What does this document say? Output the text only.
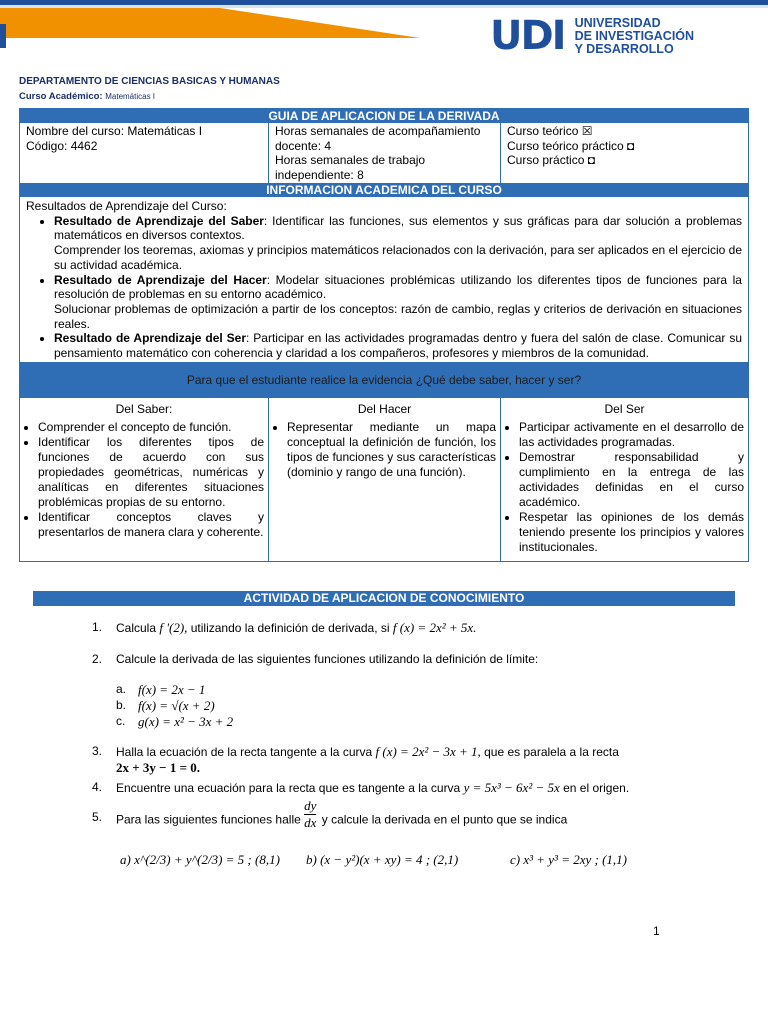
UDI UNIVERSIDAD
DE INVESTIGACIÓN
Y DESARROLLO
DEPARTAMENTO DE CIENCIAS BASICAS Y HUMANAS
Curso Académico: Matemáticas I
GUIA DE APLICACION DE LA DERIVADA
Nombre del curso: Matemáticas I
Código: 4462
Horas semanales de acompañamiento docente: 4
Horas semanales de trabajo independiente: 8
Curso teórico ☒
Curso teórico práctico ◘
Curso práctico ◘
INFORMACION ACADEMICA DEL CURSO
Resultados de Aprendizaje del Curso:
• Resultado de Aprendizaje del Saber: Identificar las funciones, sus elementos y sus gráficas para dar solución a problemas matemáticos en diversos contextos.

Comprender los teoremas, axiomas y principios matemáticos relacionados con la derivación, para ser aplicados en el ejercicio de su actividad académica.

• Resultado de Aprendizaje del Hacer: Modelar situaciones problémicas utilizando los diferentes tipos de funciones para la resolución de problemas en su entorno académico.

Solucionar problemas de optimización a partir de los conceptos: razón de cambio, reglas y criterios de derivación en situaciones reales.

• Resultado de Aprendizaje del Ser: Participar en las actividades programadas dentro y fuera del salón de clase. Comunicar su pensamiento matemático con coherencia y claridad a los compañeros, profesores y miembros de la comunidad.
Para que el estudiante realice la evidencia ¿Qué debe saber, hacer y ser?
Del Saber:
• Comprender el concepto de función.
• Identificar los diferentes tipos de funciones de acuerdo con sus propiedades geométricas, numéricas y analíticas en diferentes situaciones problémicas propias de su entorno.
• Identificar conceptos claves y presentarlos de manera clara y coherente.
Del Hacer
• Representar mediante un mapa conceptual la definición de función, los tipos de funciones y sus características (dominio y rango de una función).
Del Ser
• Participar activamente en el desarrollo de las actividades programadas.
• Demostrar responsabilidad y cumplimiento en la entrega de las actividades definidas en el curso académico.
• Respetar las opiniones de los demás teniendo presente los principios y valores institucionales.
ACTIVIDAD DE APLICACION DE CONOCIMIENTO
1. Calcula f '(2), utilizando la definición de derivada, si f (x) = 2x² + 5x.
2. Calcule la derivada de las siguientes funciones utilizando la definición de límite:
a. f(x) = 2x − 1
b. f(x) = √(x + 2)
c. g(x) = x² − 3x + 2
3. Halla la ecuación de la recta tangente a la curva f (x) = 2x² − 3x + 1, que es paralela a la recta
2x + 3y − 1 = 0.
4. Encuentre una ecuación para la recta que es tangente a la curva y = 5x³ − 6x² − 5x en el origen.
5. Para las siguientes funciones halle $\frac{dy}{dx}$ y calcule la derivada en el punto que se indica
a) x^(2/3) + y^(2/3) = 5 ; (8,1) b) (x − y²)(x + xy) = 4 ; (2,1)	c) x³ + y³ = 2xy ; (1,1)
1
